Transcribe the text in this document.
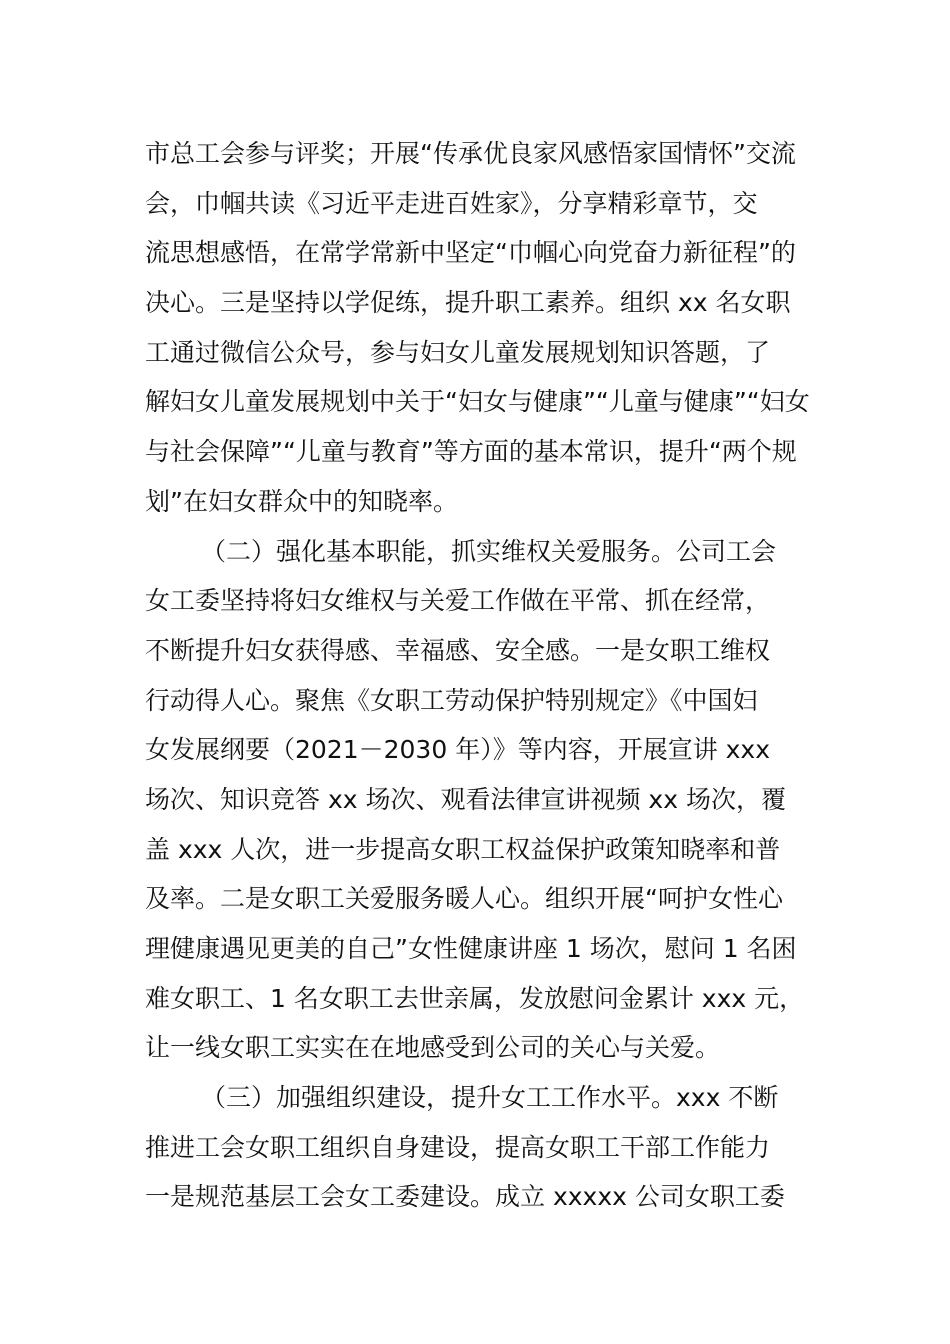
市总工会参与评奖；开展“传承优良家风感悟家国情怀”交流
会，巾帼共读《习近平走进百姓家》，分享精彩章节，交
流思想感悟，在常学常新中坚定“巾帼心向党奋力新征程”的
决心。三是坚持以学促练，提升职工素养。组织 xx 名女职
工通过微信公众号，参与妇女儿童发展规划知识答题，了
解妇女儿童发展规划中关于“妇女与健康”“儿童与健康”“妇女
与社会保障”“儿童与教育”等方面的基本常识，提升“两个规
划”在妇女群众中的知晓率。
（二）强化基本职能，抓实维权关爱服务。公司工会
女工委坚持将妇女维权与关爱工作做在平常、抓在经常，
不断提升妇女获得感、幸福感、安全感。一是女职工维权
行动得人心。聚焦《女职工劳动保护特别规定》《中国妇
女发展纲要（2021－2030 年）》等内容，开展宣讲 xxx
场次、知识竞答 xx 场次、观看法律宣讲视频 xx 场次，覆
盖 xxx 人次，进一步提高女职工权益保护政策知晓率和普
及率。二是女职工关爱服务暖人心。组织开展“呵护女性心
理健康遇见更美的自己”女性健康讲座 1 场次，慰问 1 名困
难女职工、1 名女职工去世亲属，发放慰问金累计 xxx 元，
让一线女职工实实在在地感受到公司的关心与关爱。
（三）加强组织建设，提升女工工作水平。xxx 不断
推进工会女职工组织自身建设，提高女职工干部工作能力
一是规范基层工会女工委建设。成立 xxxxx 公司女职工委
